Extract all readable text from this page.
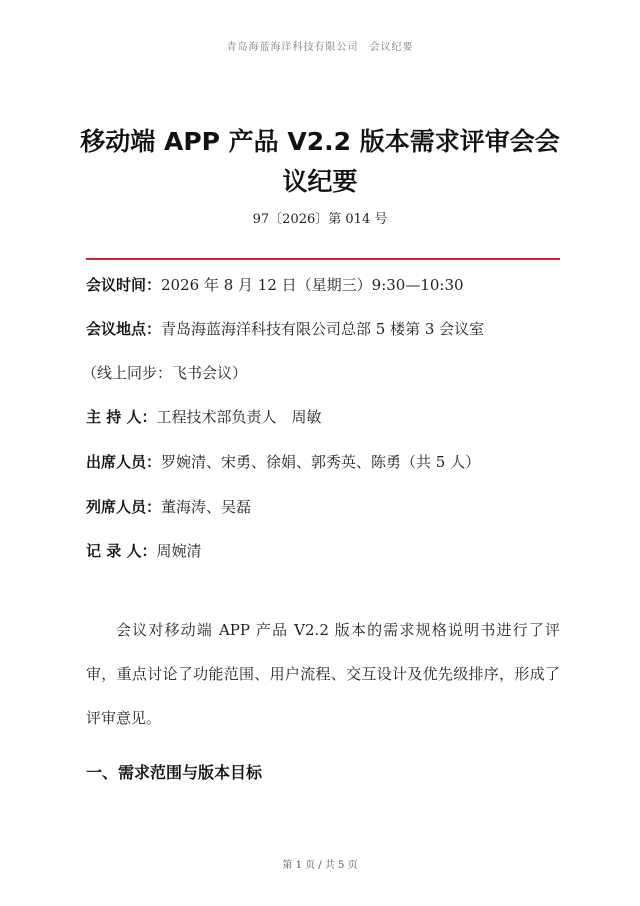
青岛海蓝海洋科技有限公司　会议纪要
移动端 APP 产品 V2.2 版本需求评审会会议纪要
97〔2026〕第 014 号
会议时间：2026 年 8 月 12 日（星期三）9:30—10:30
会议地点：青岛海蓝海洋科技有限公司总部 5 楼第 3 会议室
（线上同步：飞书会议）
主 持 人：工程技术部负责人　周敏
出席人员：罗婉清、宋勇、徐娟、郭秀英、陈勇（共 5 人）
列席人员：董海涛、吴磊
记 录 人：周婉清
会议对移动端 APP 产品 V2.2 版本的需求规格说明书进行了评审，重点讨论了功能范围、用户流程、交互设计及优先级排序，形成了评审意见。
一、需求范围与版本目标
第 1 页 / 共 5 页
